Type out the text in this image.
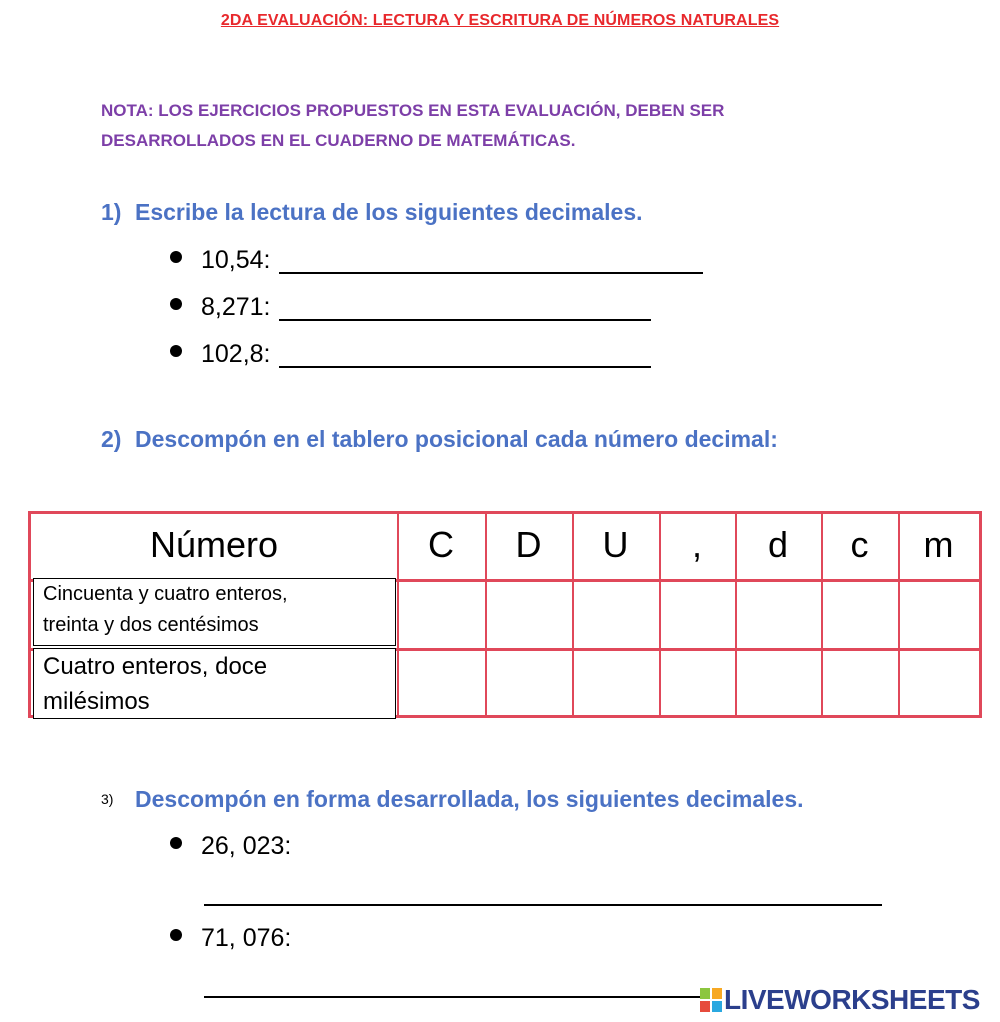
2DA EVALUACIÓN: LECTURA Y ESCRITURA DE NÚMEROS NATURALES
NOTA: LOS EJERCICIOS PROPUESTOS EN ESTA EVALUACIÓN, DEBEN SER
DESARROLLADOS EN EL CUADERNO DE MATEMÁTICAS.
1) Escribe la lectura de los siguientes decimales.
10,54:
8,271:
102,8:
2) Descompón en el tablero posicional cada número decimal:
Número	C	D	U	,	d	c	m
Cincuenta y cuatro enteros,
treinta y dos centésimos
Cuatro enteros, doce
milésimos
3) Descompón en forma desarrollada, los siguientes decimales.
26, 023:
71, 076:
LIVEWORKSHEETS
